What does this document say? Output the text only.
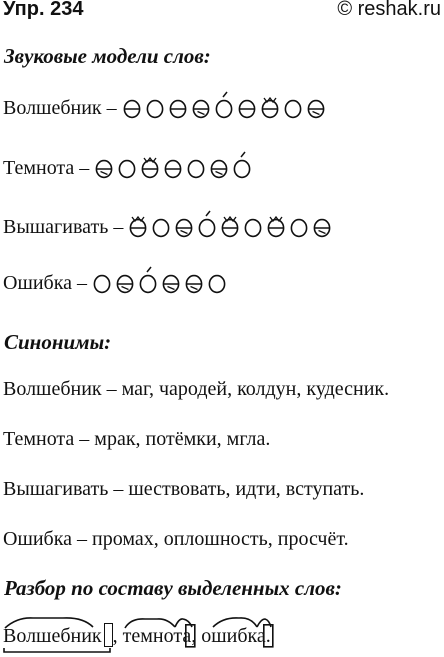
Упр. 234	© reshak.ru
Звуковые модели слов:
Волшебник –
Темнота –
Вышагивать –
Ошибка –
Синонимы:
Волшебник – маг, чародей, колдун, кудесник.
Темнота – мрак, потёмки, мгла.
Вышагивать – шествовать, идти, вступать.
Ошибка – промах, оплошность, просчёт.
Разбор по составу выделенных слов:
Волшебник , темнота
, ошибка
.
